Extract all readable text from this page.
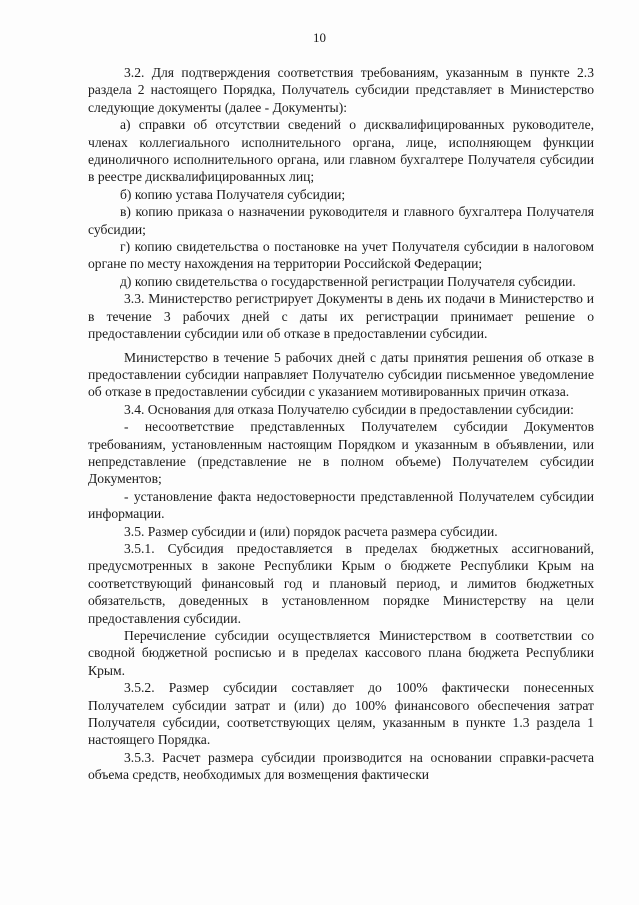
10

3.2. Для подтверждения соответствия требованиям, указанным в пункте 2.3 раздела 2 настоящего Порядка, Получатель субсидии представляет в Министерство следующие документы (далее - Документы):

а) справки об отсутствии сведений о дисквалифицированных руководителе, членах коллегиального исполнительного органа, лице, исполняющем функции единоличного исполнительного органа, или главном бухгалтере Получателя субсидии в реестре дисквалифицированных лиц;

б) копию устава Получателя субсидии;

в) копию приказа о назначении руководителя и главного бухгалтера Получателя субсидии;

г) копию свидетельства о постановке на учет Получателя субсидии в налоговом органе по месту нахождения на территории Российской Федерации;

д) копию свидетельства о государственной регистрации Получателя субсидии.

3.3. Министерство регистрирует Документы в день их подачи в Министерство и в течение 3 рабочих дней с даты их регистрации принимает решение о предоставлении субсидии или об отказе в предоставлении субсидии.

Министерство в течение 5 рабочих дней с даты принятия решения об отказе в предоставлении субсидии направляет Получателю субсидии письменное уведомление об отказе в предоставлении субсидии с указанием мотивированных причин отказа.

3.4. Основания для отказа Получателю субсидии в предоставлении субсидии:

- несоответствие представленных Получателем субсидии Документов требованиям, установленным настоящим Порядком и указанным в объявлении, или непредставление (представление не в полном объеме) Получателем субсидии Документов;

- установление факта недостоверности представленной Получателем субсидии информации.

3.5. Размер субсидии и (или) порядок расчета размера субсидии.

3.5.1. Субсидия предоставляется в пределах бюджетных ассигнований, предусмотренных в законе Республики Крым о бюджете Республики Крым на соответствующий финансовый год и плановый период, и лимитов бюджетных обязательств, доведенных в установленном порядке Министерству на цели предоставления субсидии.

Перечисление субсидии осуществляется Министерством в соответствии со сводной бюджетной росписью и в пределах кассового плана бюджета Республики Крым.

3.5.2. Размер субсидии составляет до 100% фактически понесенных Получателем субсидии затрат и (или) до 100% финансового обеспечения затрат Получателя субсидии, соответствующих целям, указанным в пункте 1.3 раздела 1 настоящего Порядка.

3.5.3. Расчет размера субсидии производится на основании справки-расчета объема средств, необходимых для возмещения фактически
